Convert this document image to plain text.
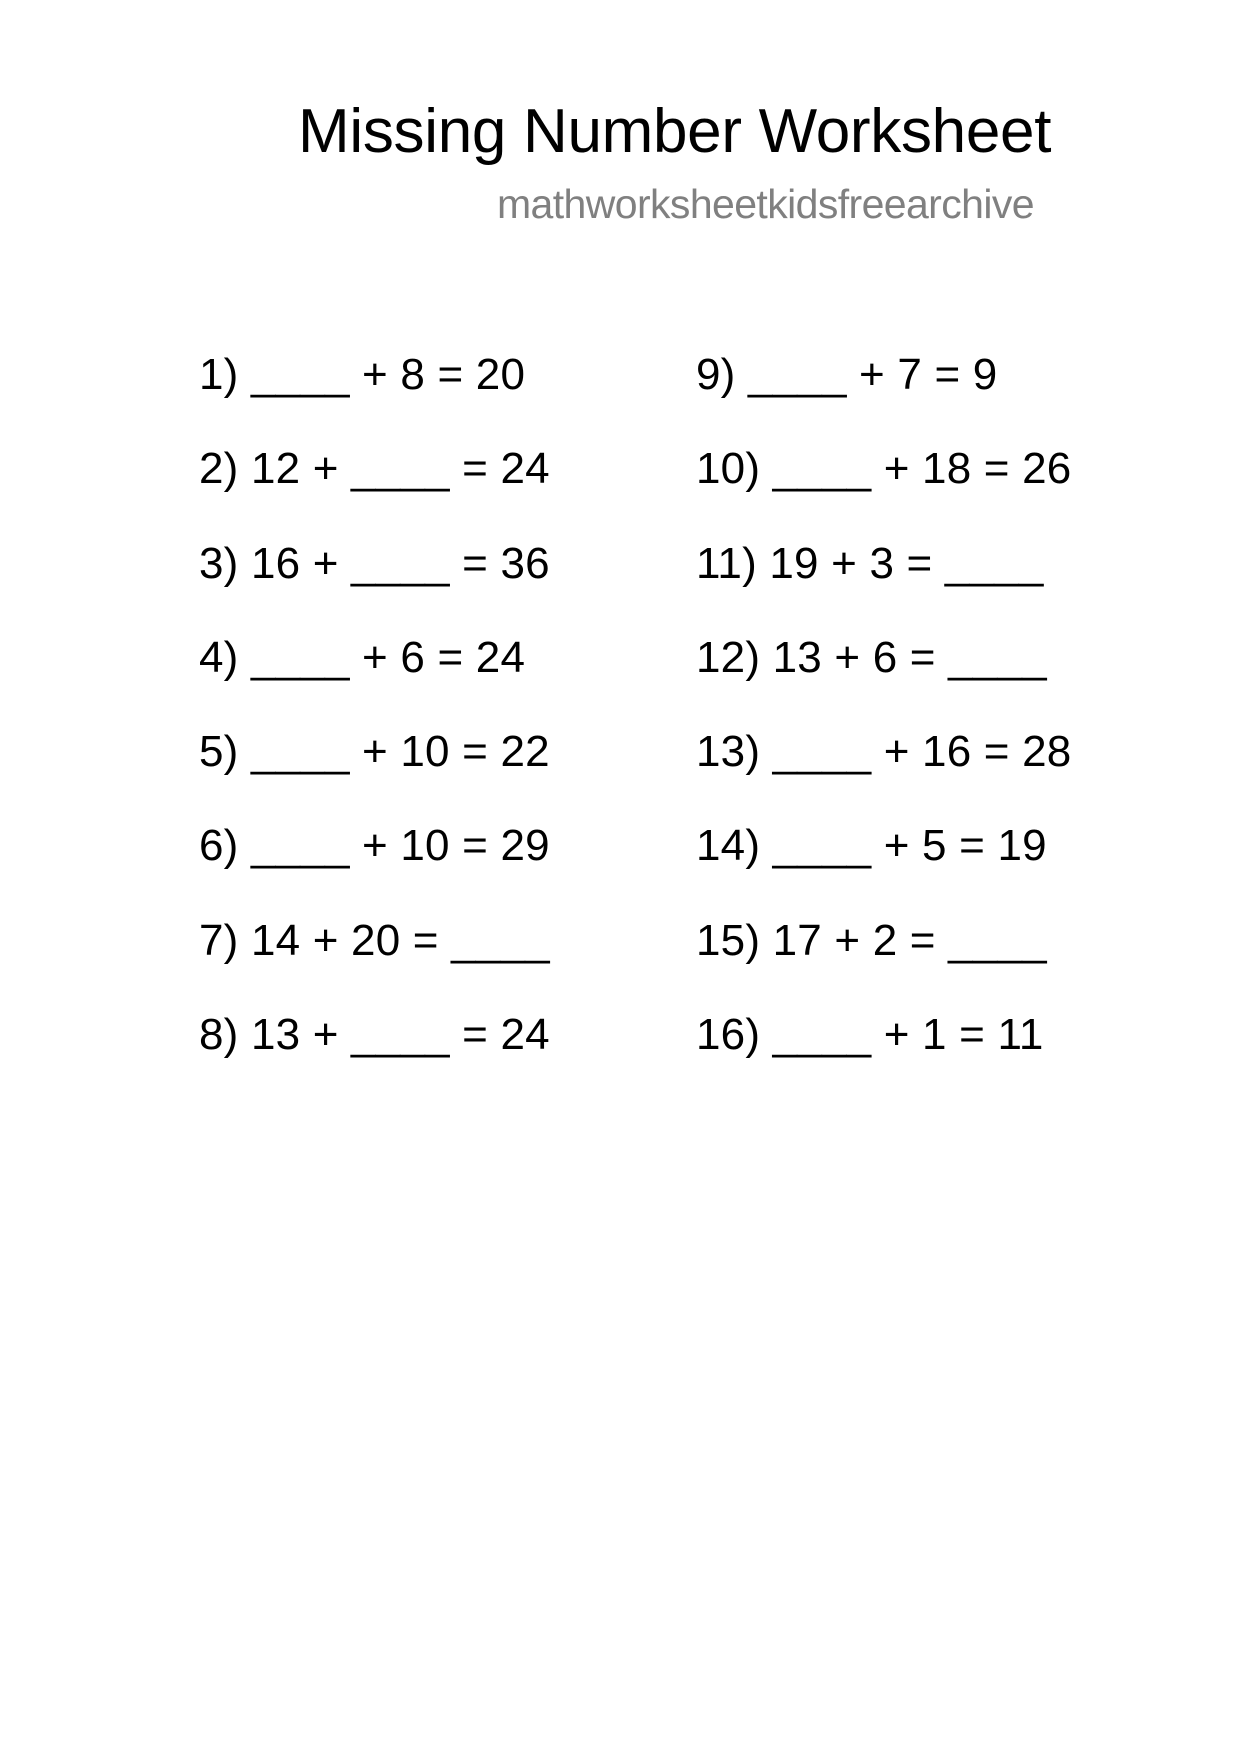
Missing Number Worksheet
mathworksheetkidsfreearchive
1) ____ + 8 = 20
2) 12 + ____ = 24
3) 16 + ____ = 36
4) ____ + 6 = 24
5) ____ + 10 = 22
6) ____ + 10 = 29
7) 14 + 20 = ____
8) 13 + ____ = 24
9) ____ + 7 = 9
10) ____ + 18 = 26
11) 19 + 3 = ____
12) 13 + 6 = ____
13) ____ + 16 = 28
14) ____ + 5 = 19
15) 17 + 2 = ____
16) ____ + 1 = 11
